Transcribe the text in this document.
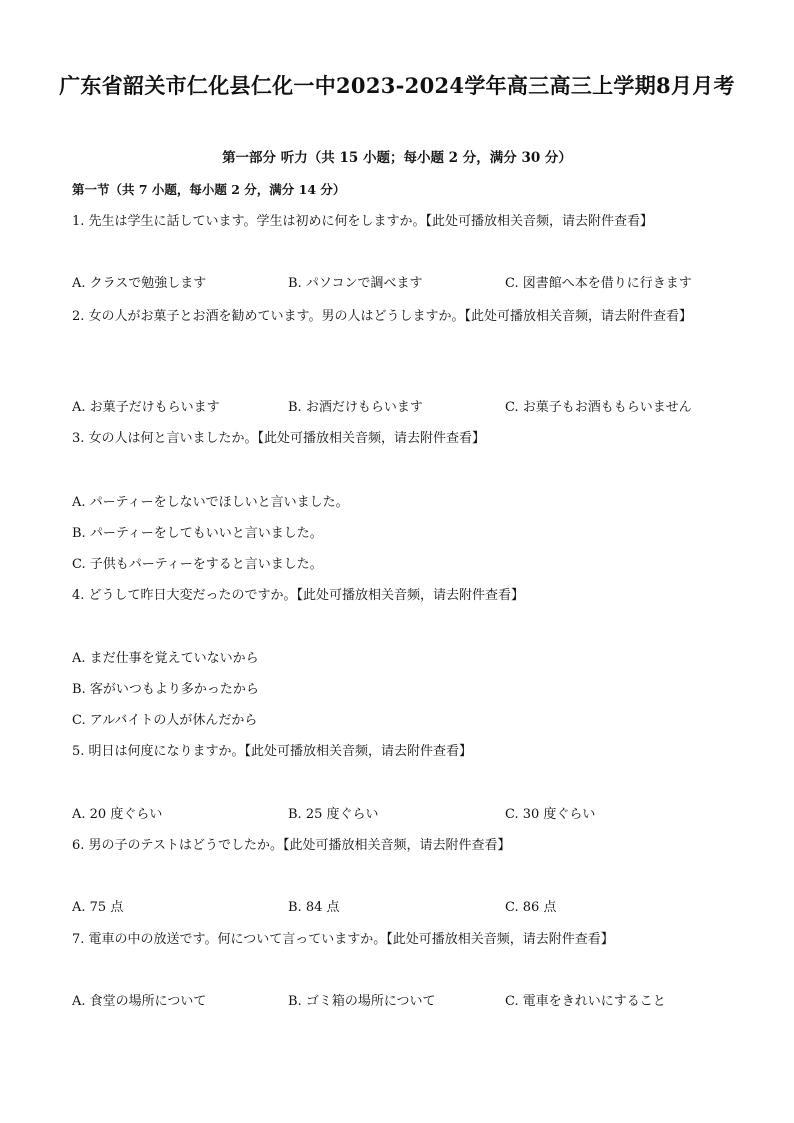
广东省韶关市仁化县仁化一中2023-2024学年高三高三上学期8月月考
第一部分 听力（共 15 小题；每小题 2 分，满分 30 分）
第一节（共 7 小题，每小题 2 分，满分 14 分）
1. 先生は学生に話しています。学生は初めに何をしますか。【此处可播放相关音频，请去附件查看】
A. クラスで勉強します	B. パソコンで調べます	C. 図書館へ本を借りに行きます
2. 女の人がお菓子とお酒を勧めています。男の人はどうしますか。【此处可播放相关音频，请去附件查看】
A. お菓子だけもらいます	B. お酒だけもらいます	C. お菓子もお酒ももらいません
3. 女の人は何と言いましたか。【此处可播放相关音频，请去附件查看】
A. パーティーをしないでほしいと言いました。
B. パーティーをしてもいいと言いました。
C. 子供もパーティーをすると言いました。
4. どうして昨日大変だったのですか。【此处可播放相关音频，请去附件查看】
A. まだ仕事を覚えていないから
B. 客がいつもより多かったから
C. アルバイトの人が休んだから
5. 明日は何度になりますか。【此处可播放相关音频，请去附件查看】
A. 20 度ぐらい	B. 25 度ぐらい	C. 30 度ぐらい
6. 男の子のテストはどうでしたか。【此处可播放相关音频，请去附件查看】
A. 75 点	B. 84 点	C. 86 点
7. 電車の中の放送です。何について言っていますか。【此处可播放相关音频，请去附件查看】
A. 食堂の場所について	B. ゴミ箱の場所について	C. 電車をきれいにすること
